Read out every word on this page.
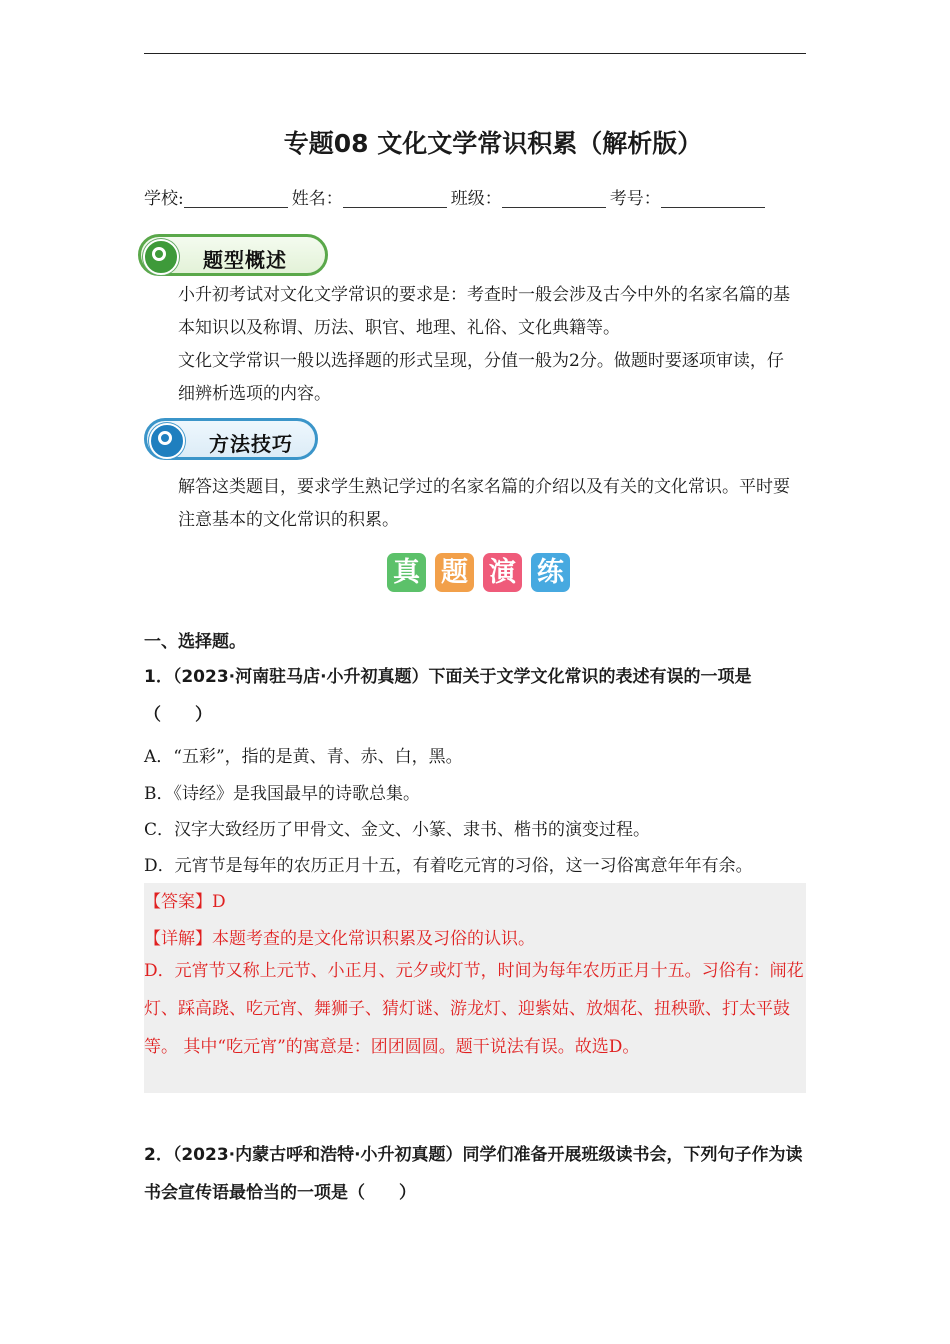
专题08 文化文学常识积累（解析版）
学校:	姓名：	班级：	考号：
题型概述
小升初考试对文化文学常识的要求是：考查时一般会涉及古今中外的名家名篇的基本知识以及称谓、历法、职官、地理、礼俗、文化典籍等。
文化文学常识一般以选择题的形式呈现，分值一般为2分。做题时要逐项审读，仔细辨析选项的内容。
方法技巧
解答这类题目，要求学生熟记学过的名家名篇的介绍以及有关的文化常识。平时要注意基本的文化常识的积累。
真 题 演 练
一、选择题。
1．（2023·河南驻马店·小升初真题）下面关于文学文化常识的表述有误的一项是（　　）
A．“五彩”，指的是黄、青、赤、白，黑。
B．《诗经》是我国最早的诗歌总集。
C．汉字大致经历了甲骨文、金文、小篆、隶书、楷书的演变过程。
D．元宵节是每年的农历正月十五，有着吃元宵的习俗，这一习俗寓意年年有余。
【答案】D
【详解】本题考查的是文化常识积累及习俗的认识。
D．元宵节又称上元节、小正月、元夕或灯节，时间为每年农历正月十五。习俗有：闹花灯、踩高跷、吃元宵、舞狮子、猜灯谜、游龙灯、迎紫姑、放烟花、扭秧歌、打太平鼓等。 其中“吃元宵”的寓意是：团团圆圆。题干说法有误。故选D。
2．（2023·内蒙古呼和浩特·小升初真题）同学们准备开展班级读书会，下列句子作为读书会宣传语最恰当的一项是（　　）
